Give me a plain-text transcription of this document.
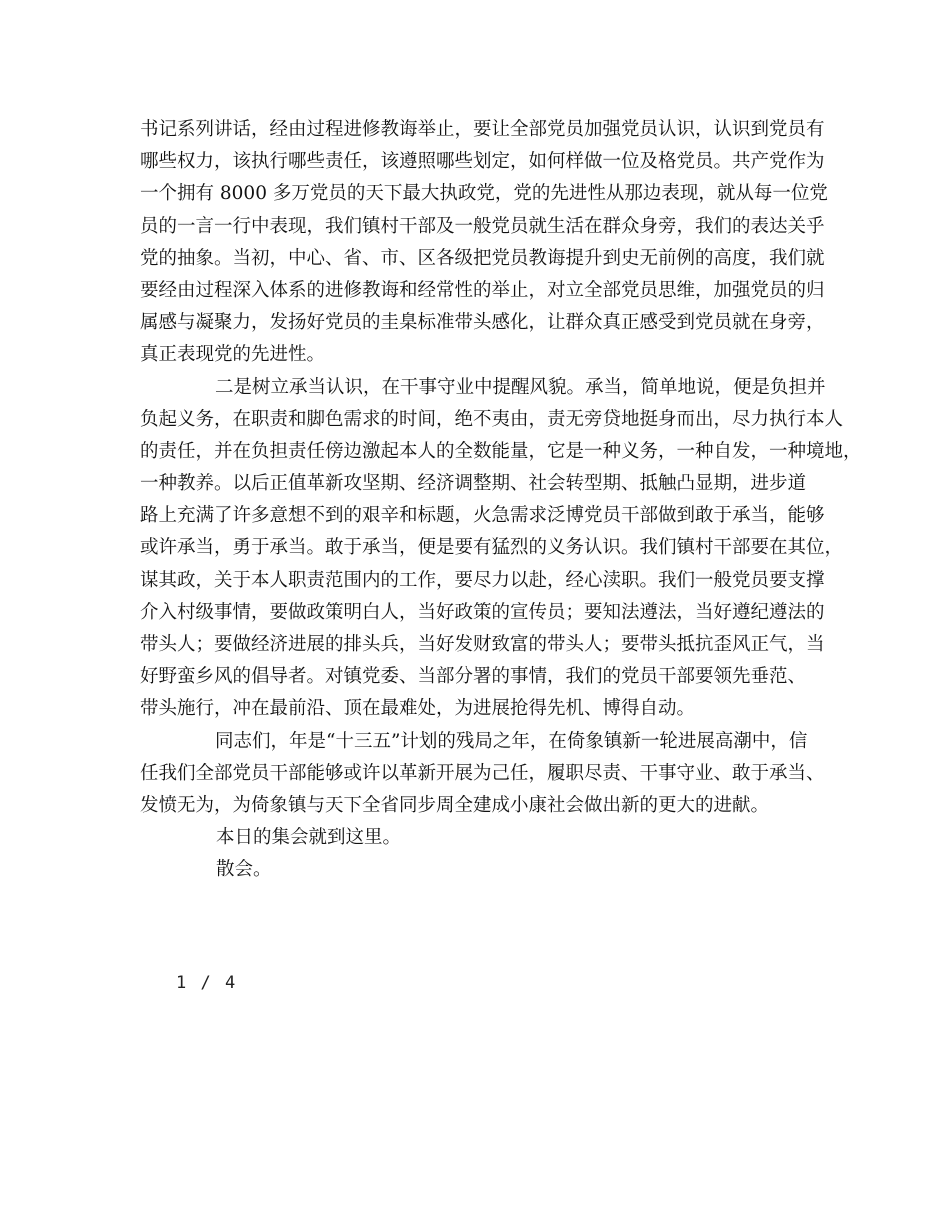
书记系列讲话，经由过程进修教诲举止，要让全部党员加强党员认识，认识到党员有
哪些权力，该执行哪些责任，该遵照哪些划定，如何样做一位及格党员。共产党作为
一个拥有 8000 多万党员的天下最大执政党，党的先进性从那边表现，就从每一位党
员的一言一行中表现，我们镇村干部及一般党员就生活在群众身旁，我们的表达关乎
党的抽象。当初，中心、省、市、区各级把党员教诲提升到史无前例的高度，我们就
要经由过程深入体系的进修教诲和经常性的举止，对立全部党员思维，加强党员的归
属感与凝聚力，发扬好党员的圭臬标准带头感化，让群众真正感受到党员就在身旁，
真正表现党的先进性。
二是树立承当认识，在干事守业中提醒风貌。承当，简单地说，便是负担并
负起义务，在职责和脚色需求的时间，绝不夷由，责无旁贷地挺身而出，尽力执行本人
的责任，并在负担责任傍边激起本人的全数能量，它是一种义务，一种自发，一种境地，
一种教养。以后正值革新攻坚期、经济调整期、社会转型期、抵触凸显期，进步道
路上充满了许多意想不到的艰辛和标题，火急需求泛博党员干部做到敢于承当，能够
或许承当，勇于承当。敢于承当，便是要有猛烈的义务认识。我们镇村干部要在其位，
谋其政，关于本人职责范围内的工作，要尽力以赴，经心渎职。我们一般党员要支撑
介入村级事情，要做政策明白人，当好政策的宣传员；要知法遵法，当好遵纪遵法的
带头人；要做经济进展的排头兵，当好发财致富的带头人；要带头抵抗歪风正气，当
好野蛮乡风的倡导者。对镇党委、当部分署的事情，我们的党员干部要领先垂范、
带头施行，冲在最前沿、顶在最难处，为进展抢得先机、博得自动。
同志们，年是“十三五”计划的残局之年，在倚象镇新一轮进展高潮中，信
任我们全部党员干部能够或许以革新开展为己任，履职尽责、干事守业、敢于承当、
发愤无为，为倚象镇与天下全省同步周全建成小康社会做出新的更大的进献。
本日的集会就到这里。
散会。
1 / 4
